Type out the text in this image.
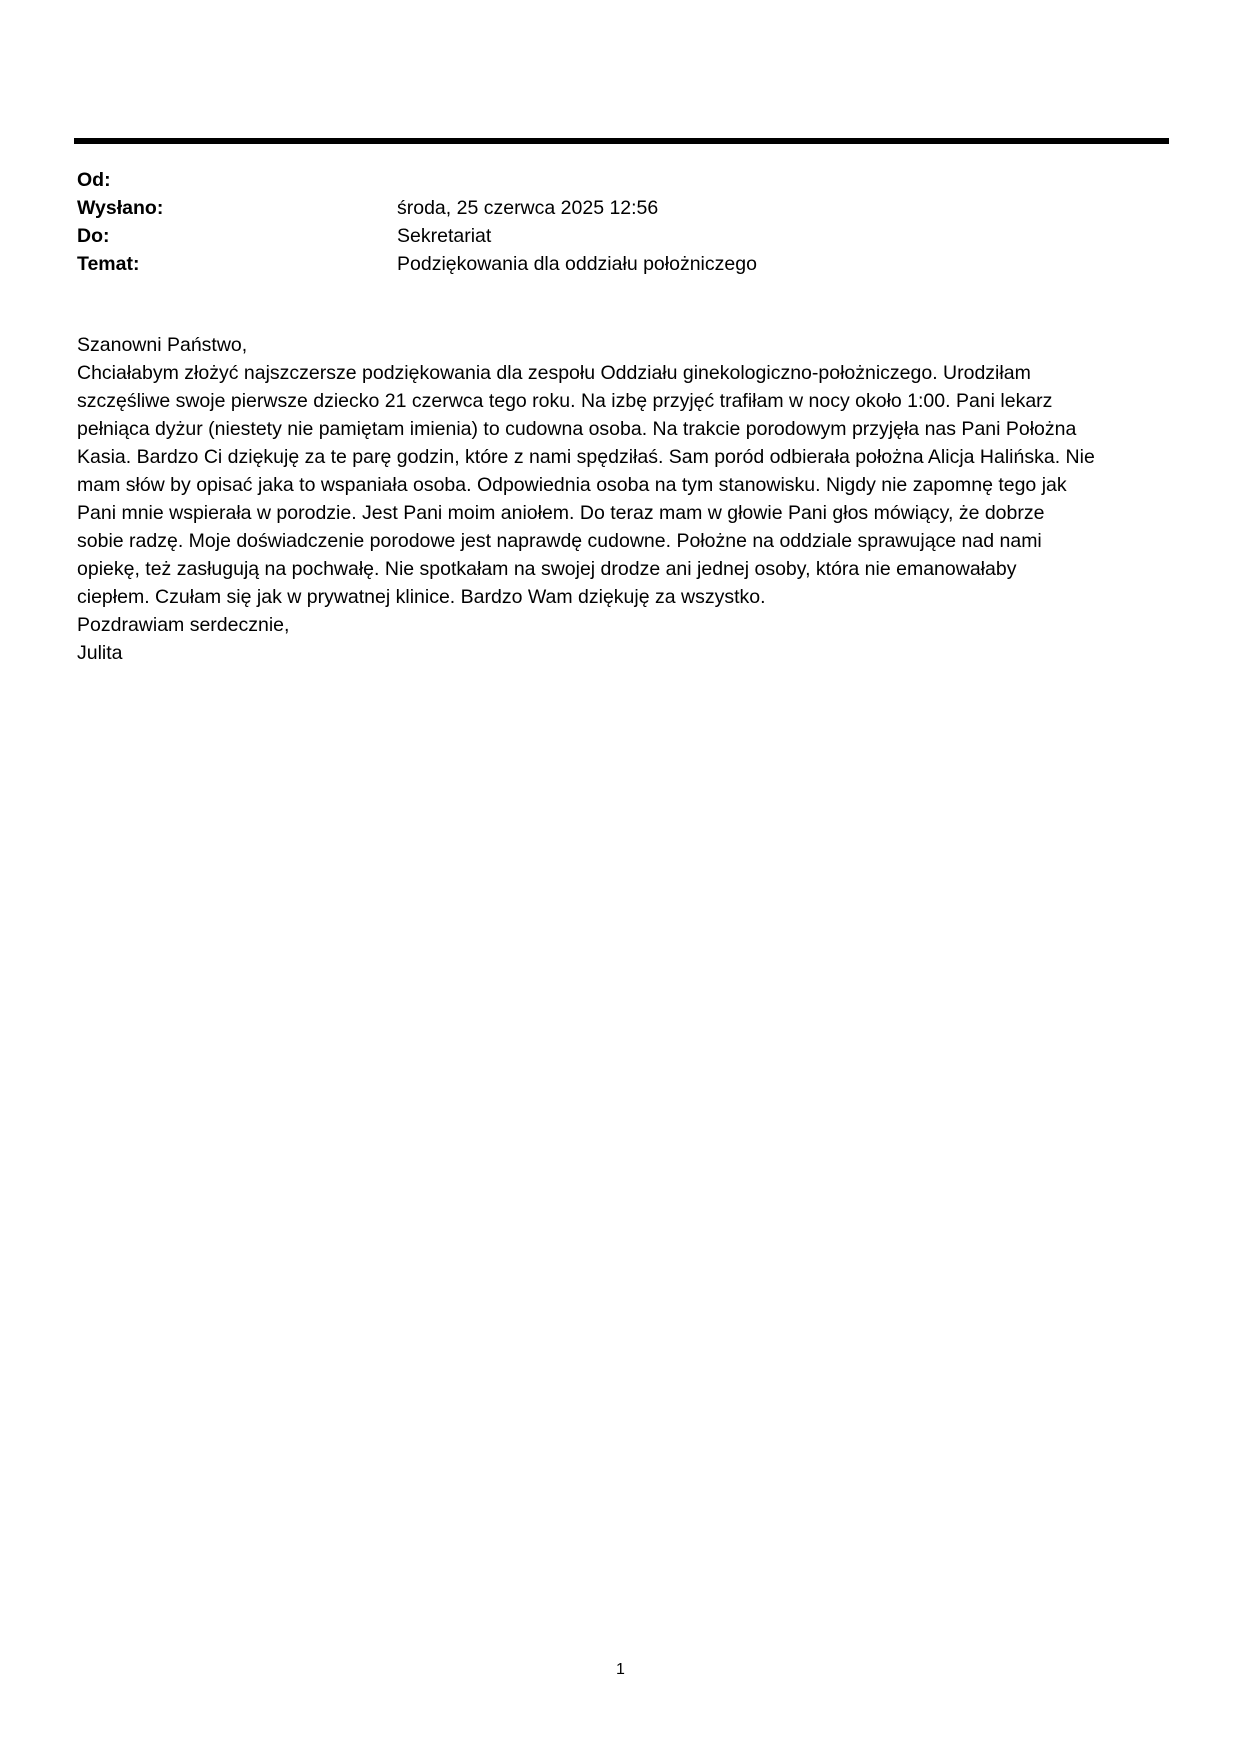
Od:
Wysłano:	środa, 25 czerwca 2025 12:56
Do:	Sekretariat
Temat:	Podziękowania dla oddziału położniczego
Szanowni Państwo,
Chciałabym złożyć najszczersze podziękowania dla zespołu Oddziału ginekologiczno-położniczego. Urodziłam
szczęśliwe swoje pierwsze dziecko 21 czerwca tego roku. Na izbę przyjęć trafiłam w nocy około 1:00. Pani lekarz
pełniąca dyżur (niestety nie pamiętam imienia) to cudowna osoba. Na trakcie porodowym przyjęła nas Pani Położna
Kasia. Bardzo Ci dziękuję za te parę godzin, które z nami spędziłaś. Sam poród odbierała położna Alicja Halińska. Nie
mam słów by opisać jaka to wspaniała osoba. Odpowiednia osoba na tym stanowisku. Nigdy nie zapomnę tego jak
Pani mnie wspierała w porodzie. Jest Pani moim aniołem. Do teraz mam w głowie Pani głos mówiący, że dobrze
sobie radzę. Moje doświadczenie porodowe jest naprawdę cudowne. Położne na oddziale sprawujące nad nami
opiekę, też zasługują na pochwałę. Nie spotkałam na swojej drodze ani jednej osoby, która nie emanowałaby
ciepłem. Czułam się jak w prywatnej klinice. Bardzo Wam dziękuję za wszystko.
Pozdrawiam serdecznie,
Julita
1
